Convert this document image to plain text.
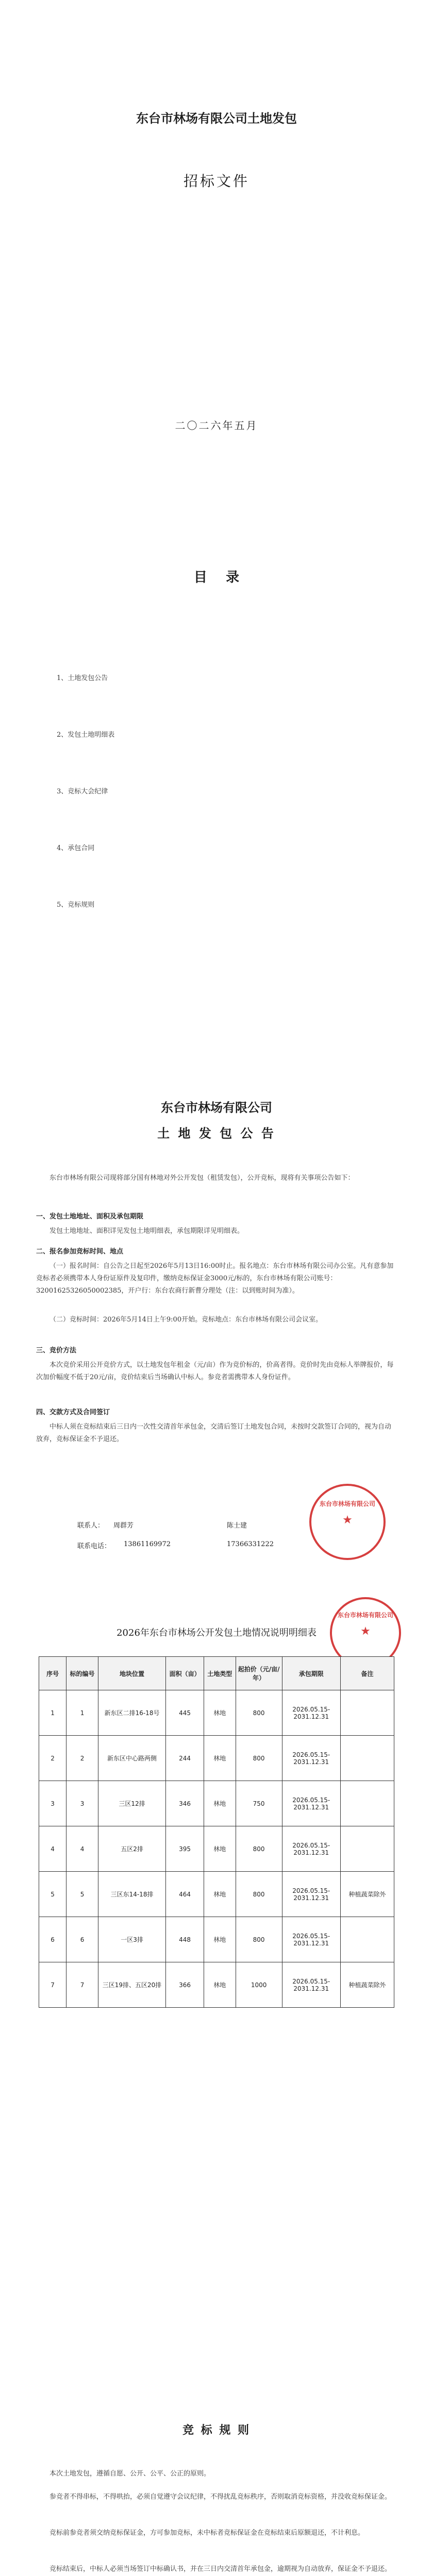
东台市林场有限公司土地发包
招标文件
二〇二六年五月
目    录
1、土地发包公告
2、发包土地明细表
3、竞标大会纪律
4、承包合同
5、竞标规则
东台市林场有限公司
土 地 发 包 公 告
东台市林场有限公司现将部分国有林地对外公开发包（租赁发包），公开竞标，现将有关事项公告如下：
一、发包土地地址、面积及承包期限
发包土地地址、面积详见发包土地明细表，承包期限详见明细表。
二、报名参加竞标时间、地点
（一）报名时间：自公告之日起至2026年5月13日16:00时止。报名地点：东台市林场有限公司办公室。凡有意参加竞标者必须携带本人身份证原件及复印件，缴纳竞标保证金3000元/标的，东台市林场有限公司账号：32001625326050002385，开户行：东台农商行新曹分理处（注：以到账时间为准）。
（二）竞标时间：2026年5月14日上午9:00开始。竞标地点：东台市林场有限公司会议室。
三、竞价方法
本次竞价采用公开竞价方式，以土地发包年租金（元/亩）作为竞价标的，价高者得。竞价时先由竞标人举牌报价，每次加价幅度不低于20元/亩，竞价结束后当场确认中标人。参竞者需携带本人身份证件。
四、交款方式及合同签订
中标人须在竞标结束后三日内一次性交清首年承包金，交清后签订土地发包合同，未按时交款签订合同的，视为自动放弃，竞标保证金不予退还。
联系人： 周群芳	陈士建
联系电话： 13861169972	17366331222
★
东台市林场有限公司
2026年东台市林场公开发包土地情况说明明细表	★
东台市林场有限公司
序号	标的编号	地块位置	面积（亩）	土地类型	起拍价（元/亩/年）	承包期限	备注
1	1	新东区二排16-18号	445	林地	800	2026.05.15-2031.12.31	
2	2	新东区中心路两侧	244	林地	800	2026.05.15-2031.12.31	
3	3	三区12排	346	林地	750	2026.05.15-2031.12.31	
4	4	五区2排	395	林地	800	2026.05.15-2031.12.31	
5	5	三区东14-18排	464	林地	800	2026.05.15-2031.12.31	种植蔬菜除外
6	6	一区3排	448	林地	800	2026.05.15-2031.12.31	
7	7	三区19排、五区20排	366	林地	1000	2026.05.15-2031.12.31	种植蔬菜除外
竞 标 规 则
本次土地发包，遵循自愿、公开、公平、公正的原则。
参竞者不得串标，不得哄抬，必须自觉遵守会议纪律，不得扰乱竞标秩序，否则取消竞标资格，并没收竞标保证金。
竞标前参竞者须交纳竞标保证金，方可参加竞标，未中标者竞标保证金在竞标结束后原额退还，不计利息。
竞标结束后，中标人必须当场签订中标确认书，并在三日内交清首年承包金，逾期视为自动放弃，保证金不予退还。
